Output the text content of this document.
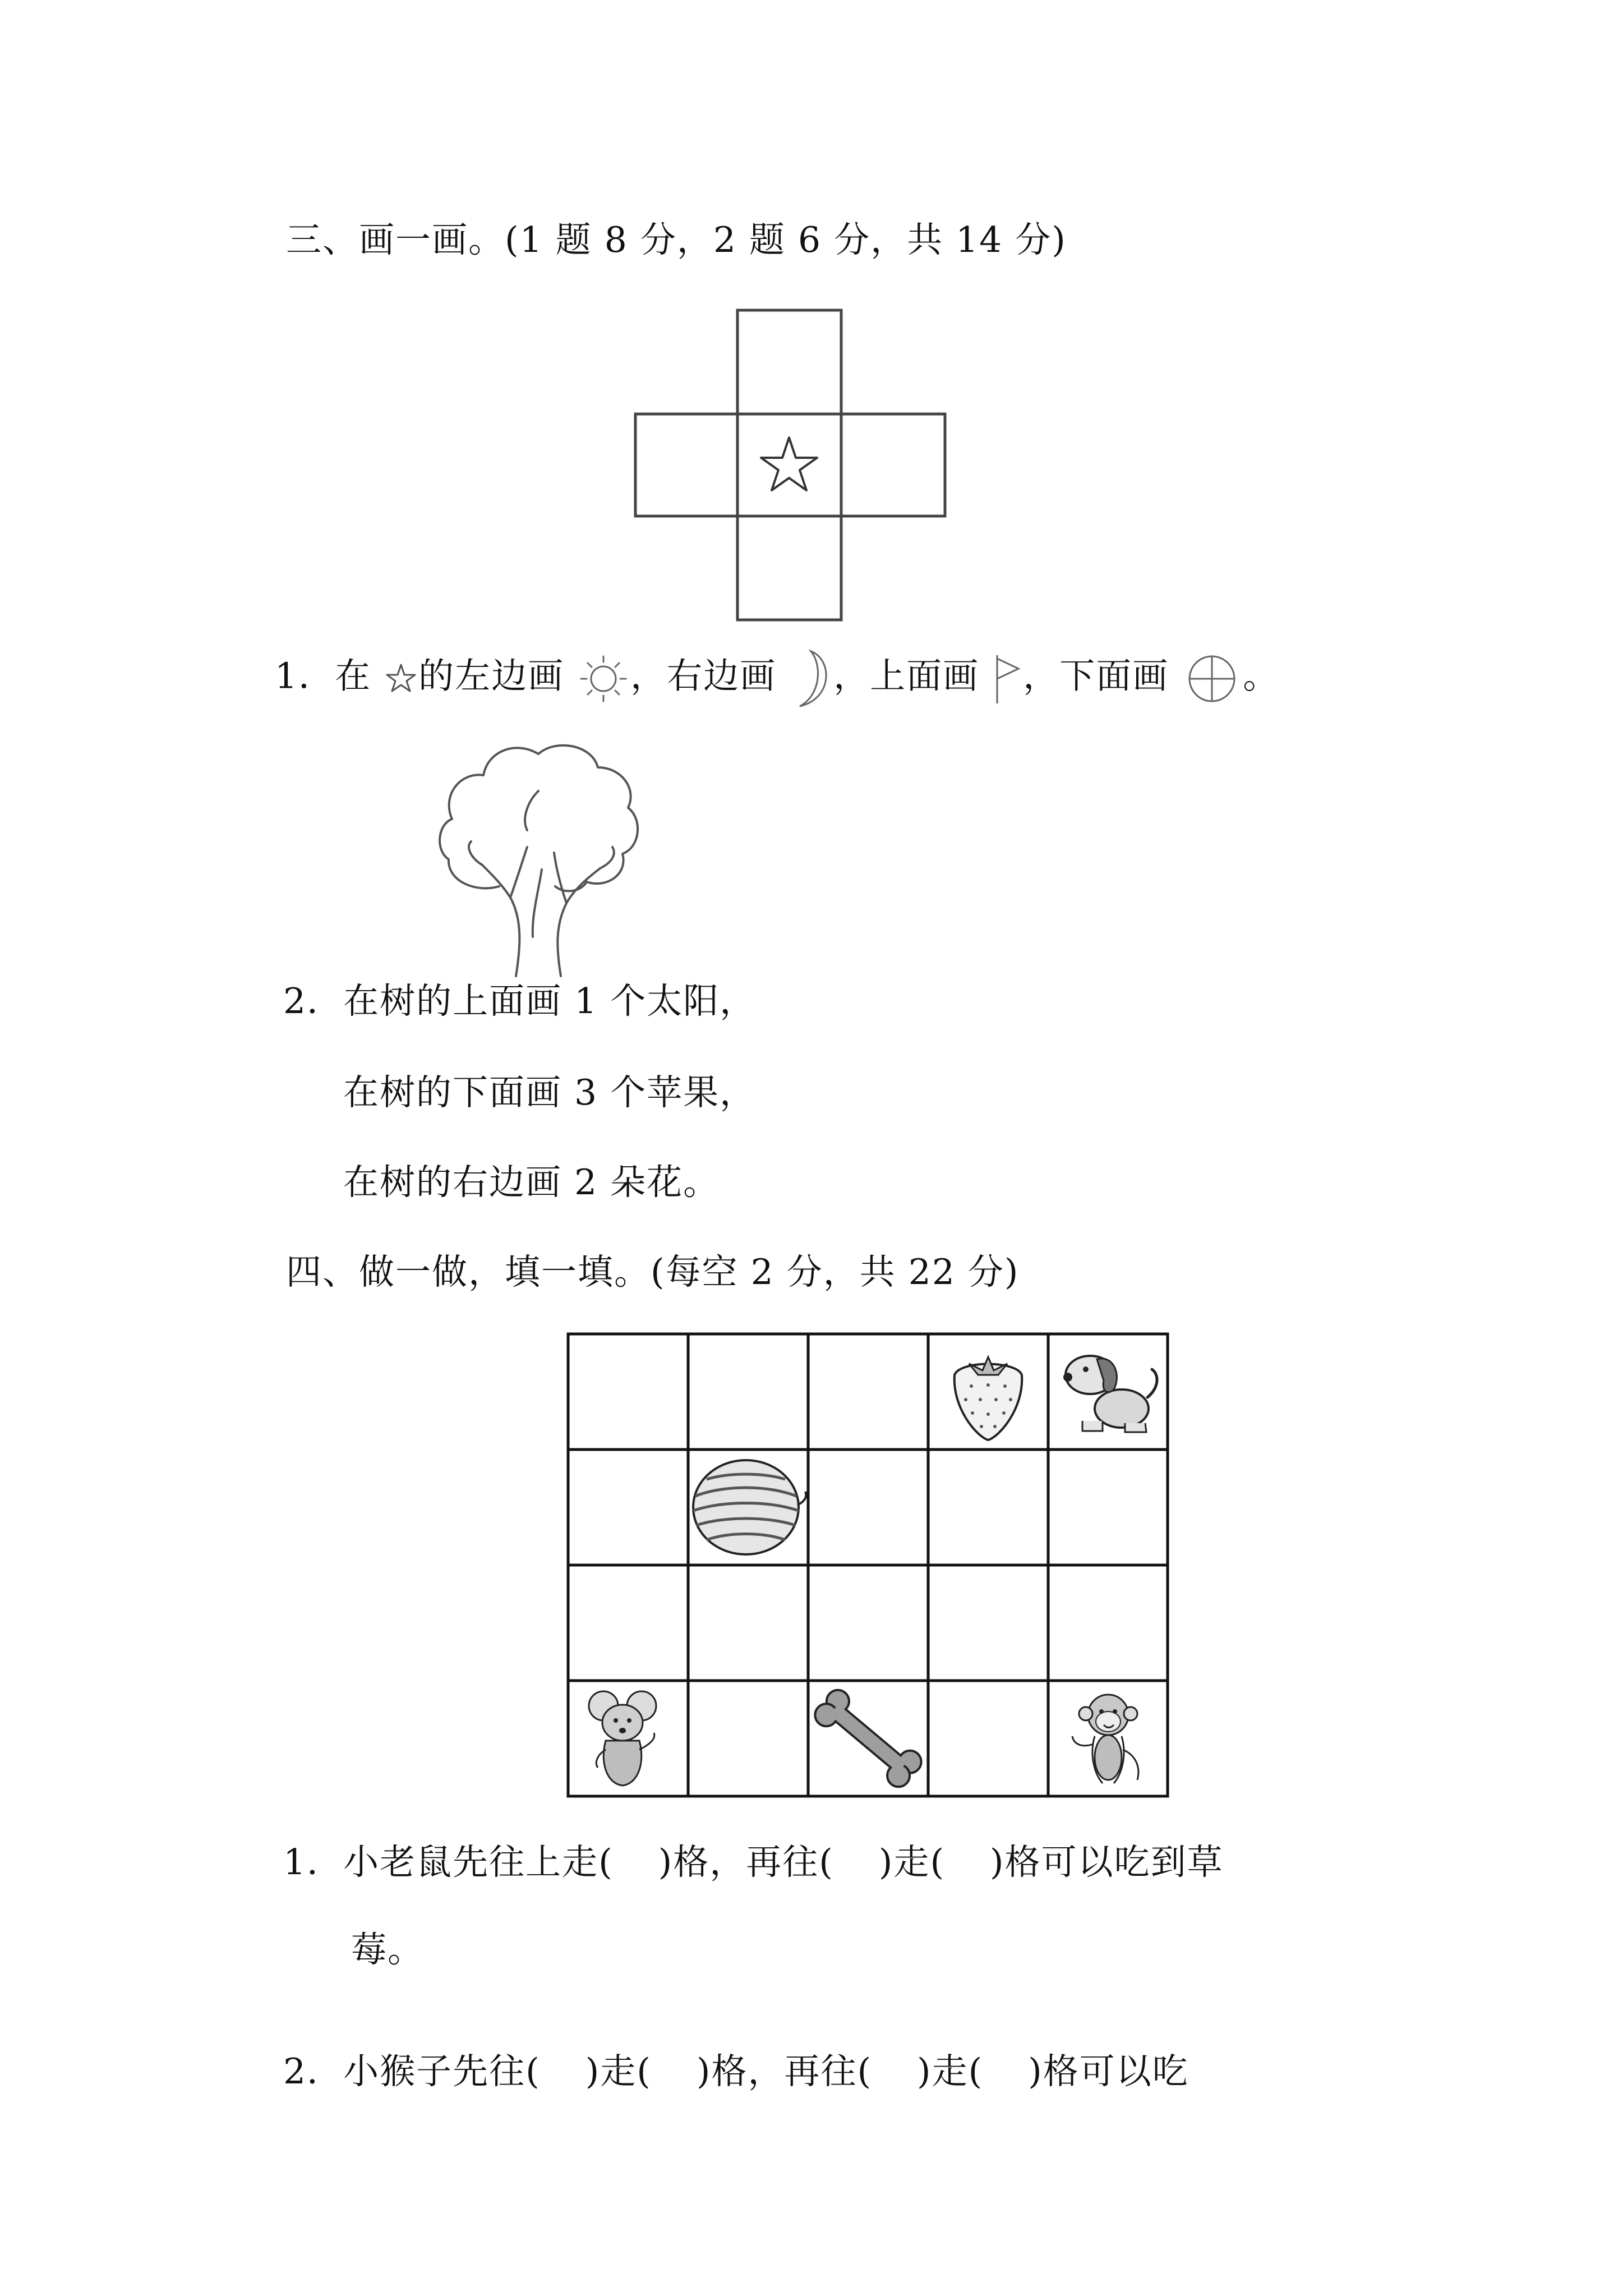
三、画一画。(1 题 8 分，2 题 6 分，共 14 分)
1．在 的左边画 ，右边画 ，上面画 ，下面画 。
2．在树的上面画 1 个太阳，
在树的下面画 3 个苹果，
在树的右边画 2 朵花。
四、做一做，填一填。(每空 2 分，共 22 分)
1．小老鼠先往上走( )格，再往( )走( )格可以吃到草
莓。
2．小猴子先往( )走( )格，再往( )走( )格可以吃
